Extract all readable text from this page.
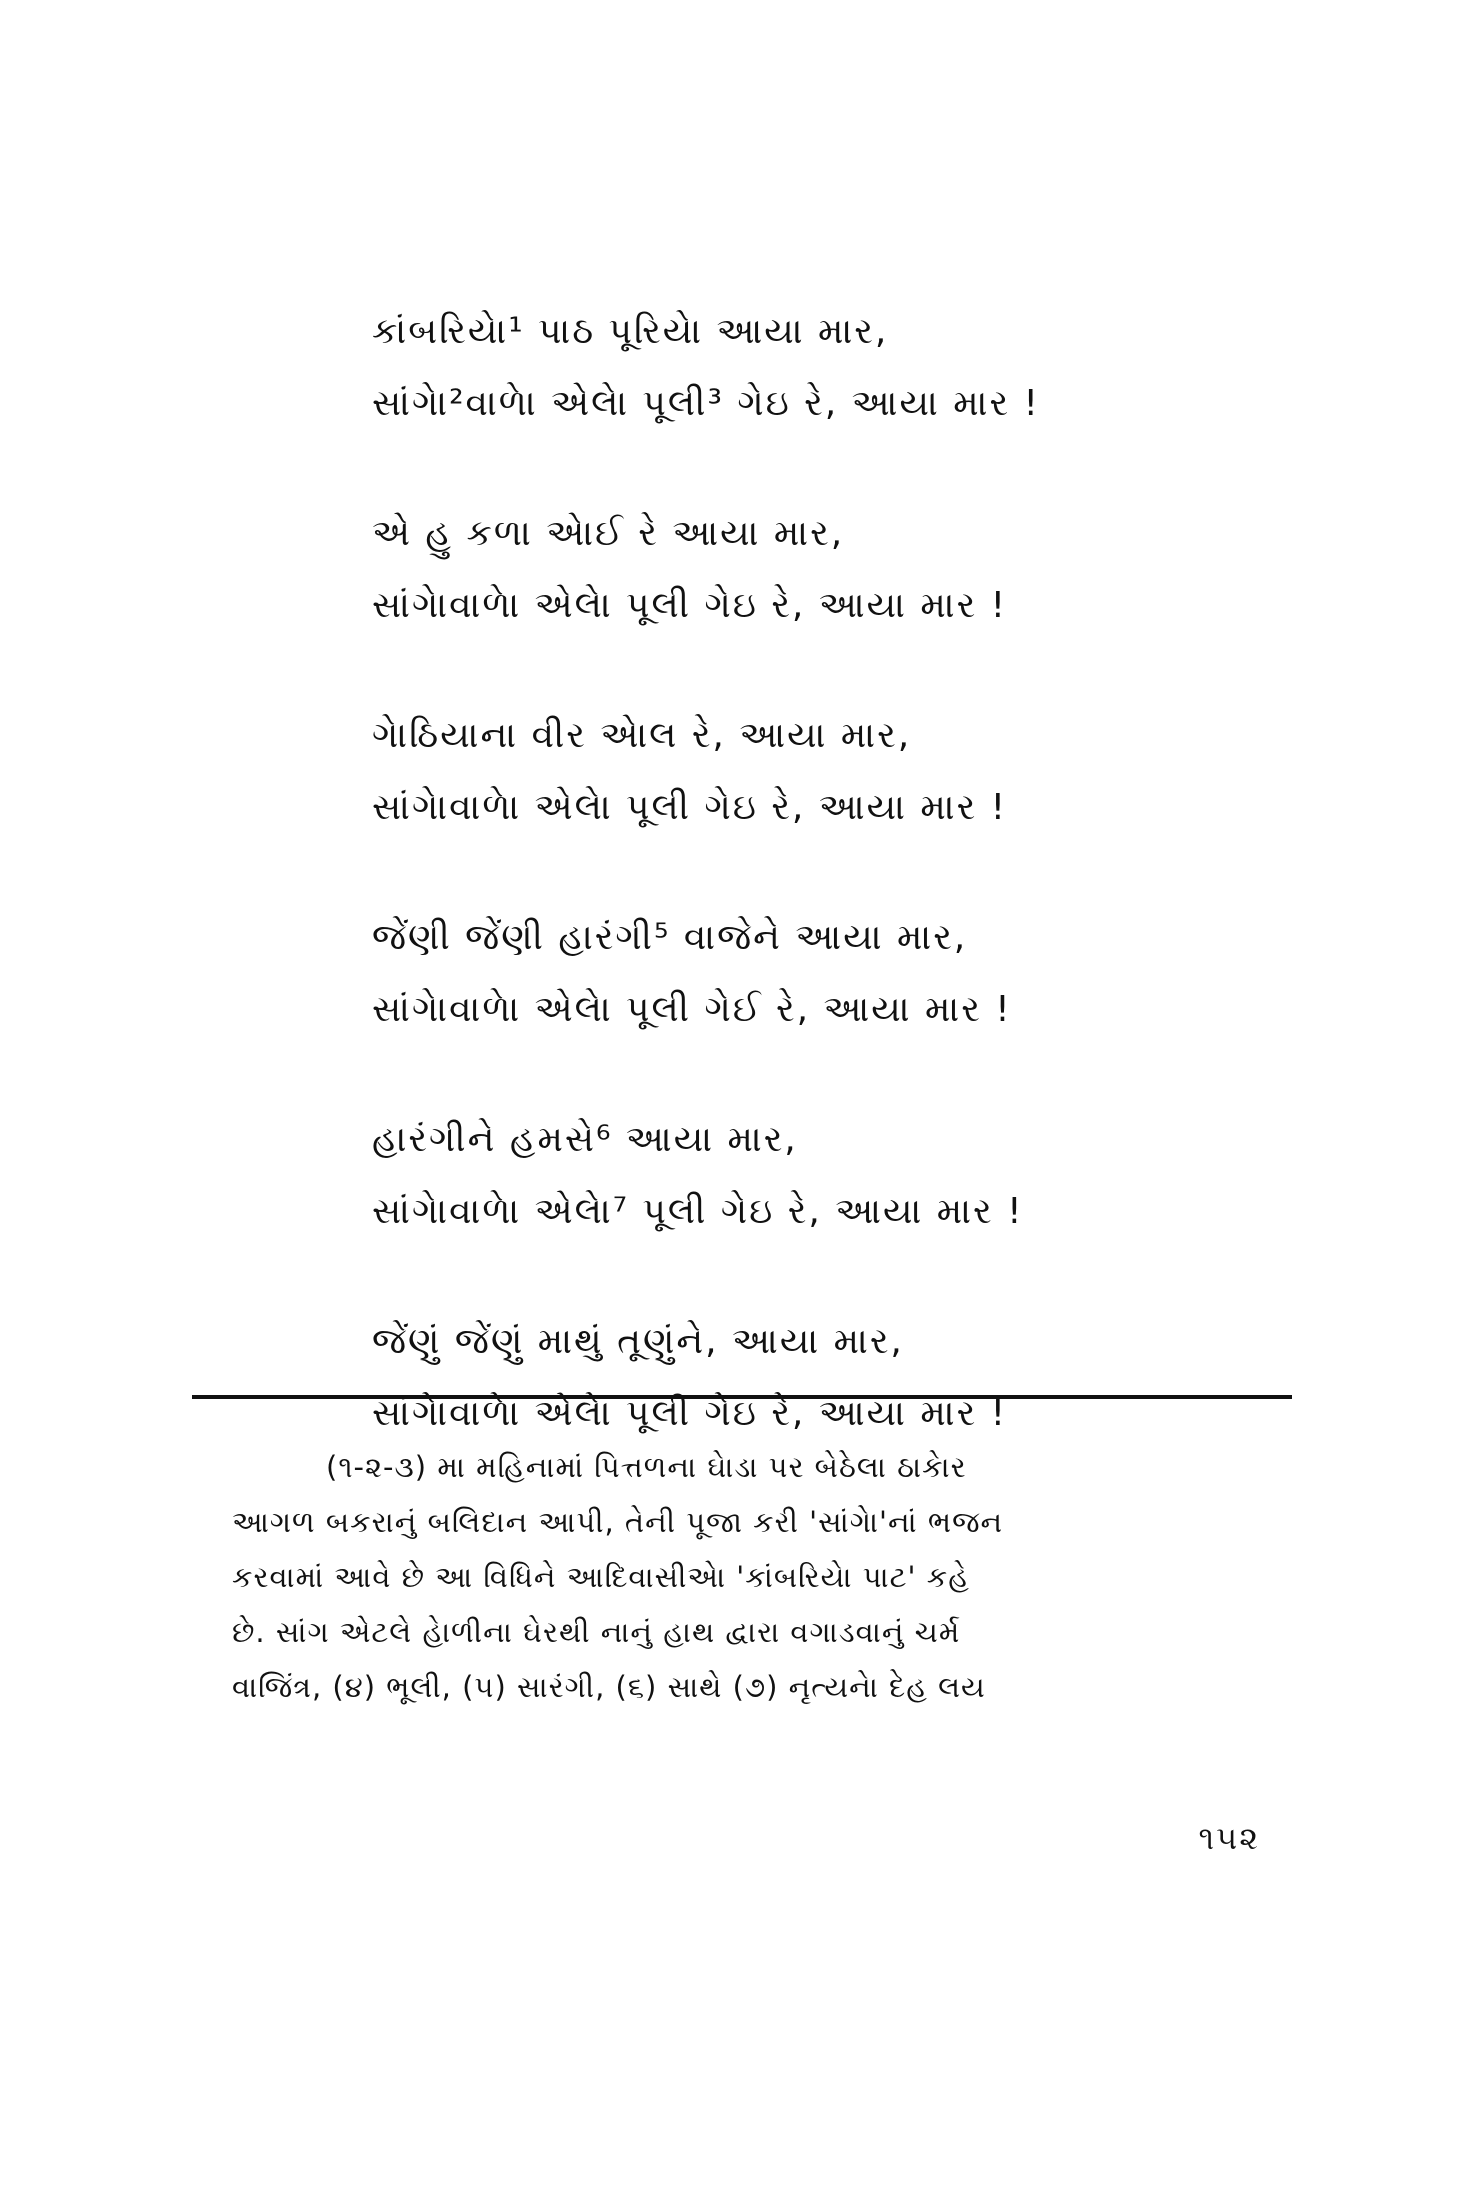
કાંબરિયેા¹ પાઠ પૂરિયેા આયા માર,
સાંગેા²વાળેા એલેા પૂલી³ ગેઇ રે, આયા માર !
એ હુ કળા એાઈ રે આયા માર,
સાંગેાવાળેા એલેા પૂલી ગેઇ રે, આયા માર !
ગેાઠિયાના વીર એાલ રે, આયા માર,
સાંગેાવાળેા એલેા પૂલી ગેઇ રે, આયા માર !
જેંણી જેંણી હારંગી⁵ વાજેને આયા માર,
સાંગેાવાળેા એલેા પૂલી ગેઈ રે, આયા માર !
હારંગીને હમસે⁶ આયા માર,
સાંગેાવાળેા એલેા⁷ પૂલી ગેઇ રે, આયા માર !
જેંણું જેંણું માથું તૂણુંને, આયા માર,
સાંગેાવાળેા એલેા પૂલી ગેઇ રે, આયા માર !
(૧-૨-૩) મા મહિનામાં પિત્તળના ઘેાડા પર બેઠેલા ઠાકેાર
આગળ બકરાનું બલિદાન આપી, તેની પૂજા કરી 'સાંગેા'નાં ભજન
કરવામાં આવે છે આ વિધિને આદિવાસીએા 'કાંબરિયેા પાટ' કહે
છે. સાંગ એટલે હેાળીના ઘેરથી નાનું હાથ દ્વારા વગાડવાનું ચર્મ
વાજિંત્ર, (૪) ભૂલી, (૫) સારંગી, (૬) સાથે (૭) નૃત્યનેા દેહ લય
૧૫૨
